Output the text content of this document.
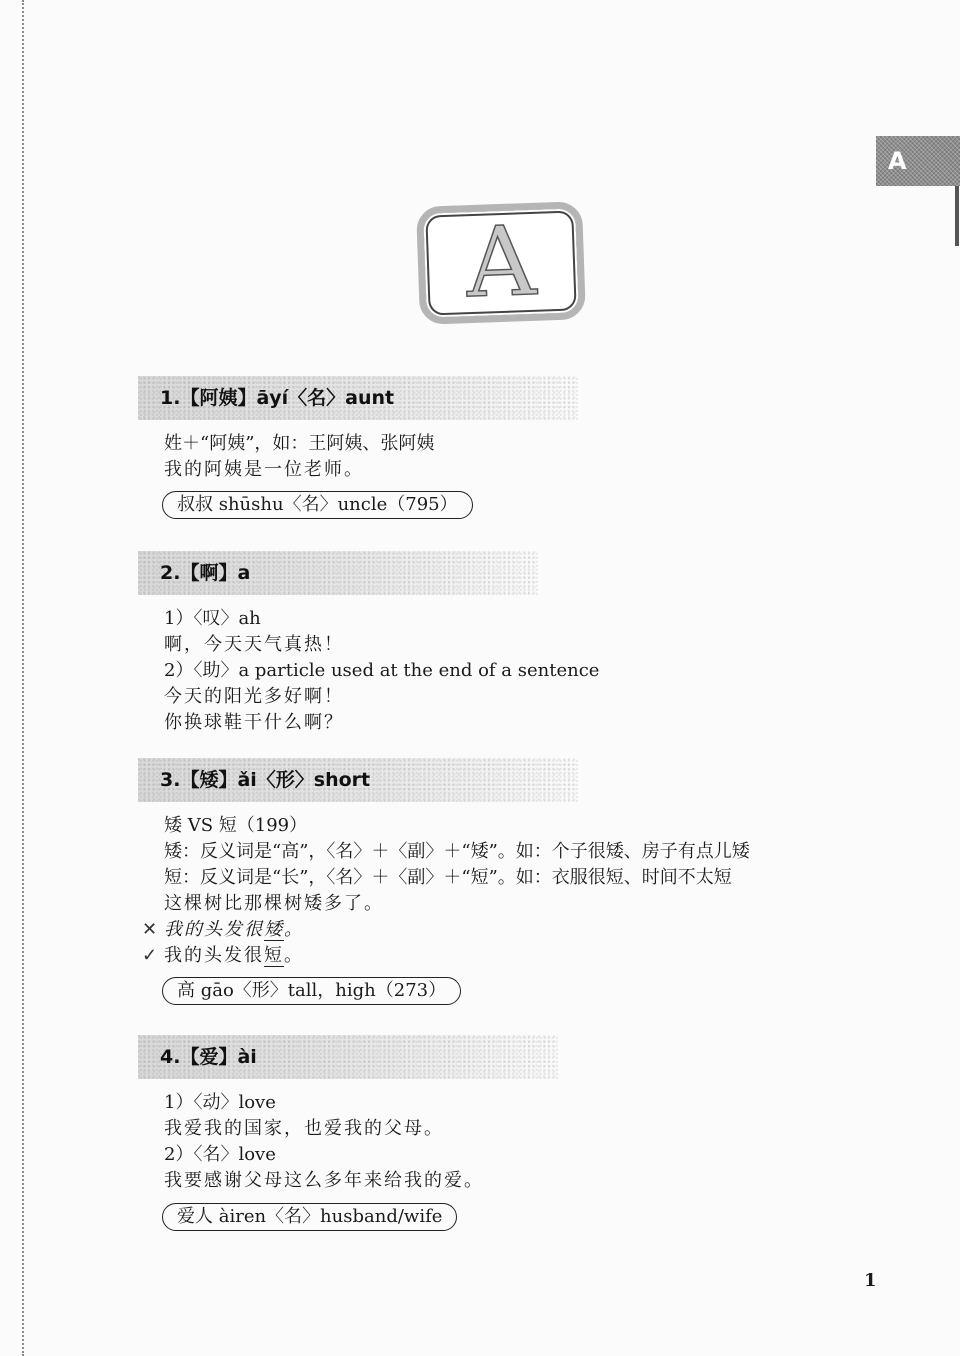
A
A
1.【阿姨】āyí〈名〉aunt
姓＋“阿姨”，如：王阿姨、张阿姨
我的阿姨是一位老师。
叔叔 shūshu〈名〉uncle（795）
2.【啊】a
1）〈叹〉ah
啊，今天天气真热！
2）〈助〉a particle used at the end of a sentence
今天的阳光多好啊！
你换球鞋干什么啊？
3.【矮】ǎi〈形〉short
矮 VS 短（199）
矮：反义词是“高”，〈名〉＋〈副〉＋“矮”。如：个子很矮、房子有点儿矮
短：反义词是“长”，〈名〉＋〈副〉＋“短”。如：衣服很短、时间不太短
这棵树比那棵树矮多了。
✕ 我的头发很矮。
✓ 我的头发很短。
高 gāo〈形〉tall，high（273）
4.【爱】ài
1）〈动〉love
我爱我的国家，也爱我的父母。
2）〈名〉love
我要感谢父母这么多年来给我的爱。
爱人 àiren〈名〉husband/wife
1
